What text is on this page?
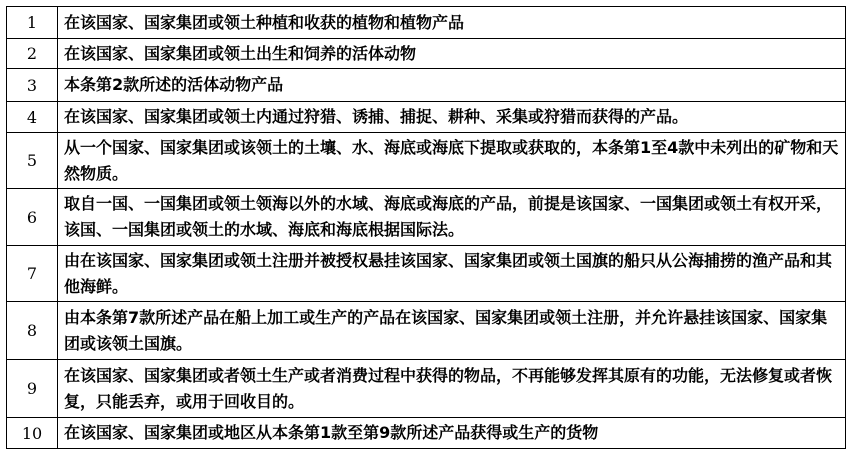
1	在该国家、国家集团或领土种植和收获的植物和植物产品
2	在该国家、国家集团或领土出生和饲养的活体动物
3	本条第2款所述的活体动物产品
4	在该国家、国家集团或领土内通过狩猎、诱捕、捕捉、耕种、采集或狩猎而获得的产品。
5	从一个国家、国家集团或该领土的土壤、水、海底或海底下提取或获取的，本条第1至4款中未列出的矿物和天然物质。
6	取自一国、一国集团或领土领海以外的水域、海底或海底的产品，前提是该国家、一国集团或领土有权开采，该国、一国集团或领土的水域、海底和海底根据国际法。
7	由在该国家、国家集团或领土注册并被授权悬挂该国家、国家集团或领土国旗的船只从公海捕捞的渔产品和其他海鲜。
8	由本条第7款所述产品在船上加工或生产的产品在该国家、国家集团或领土注册，并允许悬挂该国家、国家集团或该领土国旗。
9	在该国家、国家集团或者领土生产或者消费过程中获得的物品，不再能够发挥其原有的功能，无法修复或者恢复，只能丢弃，或用于回收目的。
10	在该国家、国家集团或地区从本条第1款至第9款所述产品获得或生产的货物
